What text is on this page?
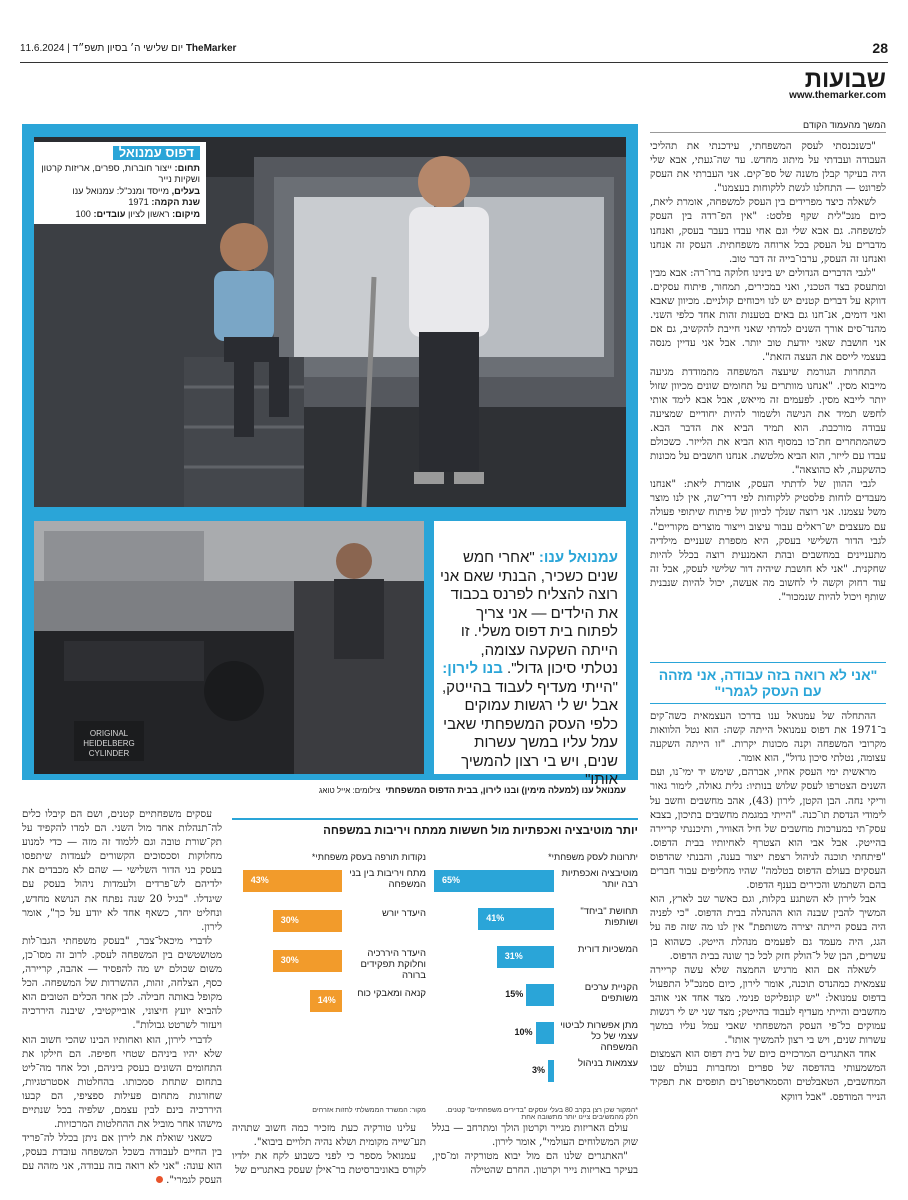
TheMarker יום שלישי ה׳ בסיון תשפ״ד | 11.6.2024	28
שבועות
www.themarker.com
דפוס עמנואל
תחום: ייצור חוברות, ספרים, אריזות קרטון ושקיות נייר
בעלים, מייסד ומנכ"ל: עמנואל ענו
שנת הקמה: 1971
מיקום: ראשון לציון עובדים: 100
ORIGINAL
HEIDELBERG
CYLINDER
עמנואל ענו: "אחרי חמש שנים כשכיר, הבנתי שאם אני רוצה להצליח לפרנס בכבוד את הילדים — אני צריך לפתוח בית דפוס משלי. זו הייתה השקעה עצומה, נטלתי סיכון גדול". בנו לירון: "הייתי מעדיף לעבוד בהייטק, אבל יש לי רגשות עמוקים כלפי העסק המשפחתי שאבי עמל עליו במשך עשרות שנים, ויש בי רצון להמשיך אותו"
עמנואל ענו (למעלה מימין) ובנו לירון, בבית הדפוס המשפחתי  צילומים: אייל טואג
המשך מהעמוד הקודם

"כשנכנסתי לעסק המשפחתי, עידכנתי את תהליכי העבודה ועבדתי על מיתוג מחדש. עד שה־געתי, אבא שלי היה בעיקר קבלן משנה של ספ־קים. אני העברתי את העסק לפרונט — התחלנו לגשת ללקוחות בעצמנו".

לשאלה כיצד מפרידים בין העסק למשפחה, אומרת ליאת, כיום מנכ"לית שקף פלסט: "אין הפ־רדה בין העסק למשפחה. גם אבא שלי וגם אחי עבדו בעבר בעסק, ואנחנו מדברים על העסק בכל ארוחה משפחתית. העסק זה אנחנו ואנחנו זה העסק, ערבו־בייה זה דבר טוב.

"לגבי הדברים הגדולים יש בינינו חלוקה ברו־רה: אבא מבין ומתעסק בצד הטכני, ואני במכירים, תמחור, פיתוח עסקים. דווקא על דברים קטנים יש לנו ויכוחים קולניים. מכיוון שאבא ואני דומים, אנ־חנו גם באים בטענות זהות אחד כלפי השני. מהנד־סים אורך השנים למדתי שאני חייבת להקשיב, גם אם אני חושבת שאני יודעת טוב יותר. אבל אני עדיין מנסה בעצמי לייסם את העצה הזאת".

התחרות הגורמת שיעצה המשפחה מתמודדת מגיעה מייבוא מסין. "אנחנו מוותרים על תחומים שונים מכיוון שזול יותר לייבא מסין. לפעמים זה מייאש, אבל אבא לימד אותי לחפש תמיד את הנישה ולשמור להיות יחודיים שמציעה עבודה מורכבת. הוא תמיד הביא את הדבר הבא. כשהמתחרים חת־כו במסוף הוא הביא את הלייזר. כשכולם עבדו עם לייזר, הוא הביא מלטשת. אנחנו חושבים על מכונות כהשקעה, לא כהוצאה".

לגבי ההוון של לדתתי העסק, אומרת ליאת: "אנחנו מעבדים לוחות פלסטיק ללקוחות לפי דרי־שה, אין לנו מוצר משל עצמנו. אני רוצה שנלך לכיוון של פיתוח שיתופי פעולה עם מעצבים יש־ראלים עבור עיצוב וייצור מוצרים מקוריים". לגבי הדור השלישי בעסק, היא מספרת שעניים מילדיה מתעניינים במחשבים ובהת האמנעית רוצה בכלל להיות שחקנית. "אני לא חושבת שיהיה דור שלישי לעסק, אבל זה עוד רחוק וקשה לי לחשוב מה אעשה, יכול להיות שנבנית שותף ויכול להיות שנמכור".

"אני לא רואה בזה עבודה, אני מזהה עם העסק לגמרי"

ההתחלה של עמנואל ענו בדרכו העצמאית כשה־קים ב־1971 את דפוס עמנואל הייתה קשה: הוא נטל הלוואות מקרובי המשפחה וקנה מכונות יקרות. "זו הייתה השקעה עצומה, נטלתי סיכון גדול", הוא אומר.

מראשית ימי העסק אחיו, אברהם, שימש יד ימי־נו, ועם השנים הצטרפו לעסק שלוש בנותיו: גלית גאולה, לימור גאור וריקי נחה. הבן הקטן, לירון (43), אהב מחשבים וחשב על לימודי הנדסת תו־כנה. "הייתי במגמת מחשבים בתיכון, בצבא עסק־תי במערכות מחשבים של חיל האוויר, ותיכננתי קריירה בהייטק. אבל אבי הוא הצטרף לאחיותיו בבית הדפוס. "פיתחתי תוכנה לניהול רצפת ייצור בענה, והבנתי שהדפוס העסקים בעולם הדפוס בטלמה" שהיו מחליפים עבור חברים בהם השתמש והכירים בענף הדפוס.

אבל לירון לא השתגע בקלות, וגם כאשר שב לארץ, הוא המשיך להבין שבנה הוא ההנהלה בבית הדפוס. "כי לפניה היה בעסק הייתה יצירה משותפת" אין לנו מה שזה פה על הגג, היה מעמד גם לפעמים מנהלת הייטק. כשהוא בן עשרים, הבן של ל־הולק חזק לכל כך שונה בבית הדפוס.

לשאלה אם הוא מרגיש החמצה שלא עשה קריירה עצמאית כמהנדס תוכנה, אומר לירון, כיום סמנכ"ל התפעול בדפוס עמנואל: "יש קונפליקט פנימי. מצד אחד אני אוהב מחשבים והייתי מעדיף לעבוד בהייטק; מצד שני יש לי רגשות עמוקים כל־פי העסק המשפחתי שאבי עמל עליו במשך עשרות שנים, ויש בי רצון להמשיך אותו".

אחד האתגרים המרכזיים כיום של בית דפוס הוא הצמצום המשמעותי בהדפסה של ספרים ומחברות בעולם שבו המחשבים, הטאבלטים והסמארטפו־נים תופסים את תפקיד הנייר המודפס. "אבל דווקא

יותר מוטיבציה ואכפתיות מול חששות ממתח ויריבות במשפחה
יתרונות לעסק משפחתי*
נקודות תורפה בעסק משפחתי*
מוטיבציה ואכפתיות רבה יותר
65%
תחושת "ביחד" ושותפות
41%
המשכיות דורית
31%
הקניית ערכים משותפים
15%
מתן אפשרות לביטוי עצמי של כל המשפחה
10%
עצמאות בניהול
3%
מתח ויריבות בין בני המשפחה
43%
היעדר יורש
30%
היעדר היררכיה וחלוקת תפקידים ברורה
30%
קנאה ומאבקי כוח
14%
*המקור שכן רצן בקרב 80 בעלי עסקים "בדירים משפחתיים" קטנים. חלק מהמשיבים ציינו יותר מתשובה אחת
מקור: המשרד הממשלתי לחזות אזרחים

עולם האריזות מגייר וקרטון הולך ומתרחב — בגלל שוק המשלוחים העולמי", אומר לירון.

"האתגרים שלנו הם מול יבוא מטורקיה ומ־סין, בעיקר באריזות נייר וקרטון. החרם שהטילה

עלינו טורקיה כעת מזכיר כמה חשוב שתהיה תע־שייה מקומית ושלא נהיה תלויים ביבוא".

עמנואל מספר כי לפני כשבוע לקח את ילדיו לקורס באוניברסיטת בר־אילן שעסק באתגרים של

עסקים משפחתיים קטנים, ושם הם קיבלו כלים לה־תנהלות אחד מול השני. הם למדו להקפיד על תק־שורת טובה וגם ללמוד זה מזה — כדי למנוע מחלוקות וסכסוכים הקשורים לעמדות שיתפסו בעסק בני הדור השלישי — שהם לא מכבדים את ילדיהם לש־פרדים ולעמדות ניהול בעסק עם שיגדלו. "בגיל 20 שנה נפתח את הנושא מחדש, ונחליט יחד, כשאף אחד לא יודע על כך", אומר לירון.

לדברי מיכאל־צבר, "בעסק משפחתי הגבו־לות מטושטשים בין המשפחה לעסק. לרוב זה מסו־כן, משום שכולם יש מה להפסיד — אהבה, קריירה, כסף, הצלחה, זהות, ההשרדות של המשפחה. הכל מקופל באותה חבילה. לכן אחד הכלים הטובים הוא להביא יועץ חיצוני, אובייקטיבי, שיבנה היררכיה ויעזור לשרטט גבולות".

לדברי לירון, הוא ואחותיו הבינו שהכי חשוב הוא שלא יהיו ביניהם שטחי חפיפה. הם חילקו את התחומים השונים בעסק ביניהם, וכל אחד מה־ליט בתחום שתחת סמכותו. בהחלטות אסטרטגיות, שחורגות מתחום פעילות ספציפי, הם קבעו היררכיה בינם לבין עצמם, שלפיה בכל שנתיים מישהו אחר מוביל את ההחלטות המרכזיות.

כשאני שואלת את לירון אם ניתן בכלל לה־פריד בין החיים לעבודה בשכל המשפחה עובדת בעסק, הוא עונה: "אני לא רואה בזה עבודה, אני מזהה עם העסק לגמרי".
